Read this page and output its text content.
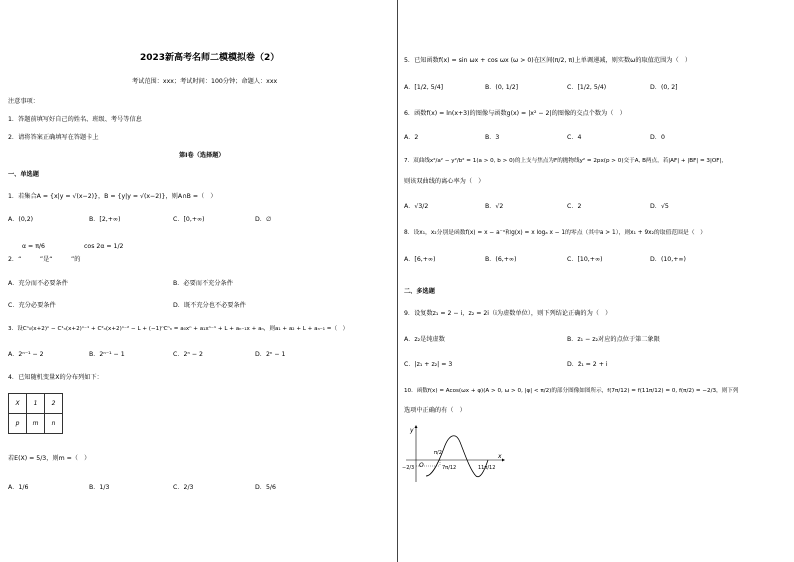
2023新高考名师二模模拟卷（2）
考试范围：xxx；考试时间：100分钟；命题人：xxx
注意事项：
1．答题前填写好自己的姓名、班级、考号等信息
2．请将答案正确填写在答题卡上
第I卷（选择题）
一、单选题
1．若集合A = {x|y = √(x−2)}，B = {y|y = √(x−2)}，则A∩B =（　）
A．(0,2)	B．[2,+∞)	C．[0,+∞)	D．∅
α = π/6	cos 2α = 1/2
2．“　　　”是“　　　”的
A．充分而不必要条件	B．必要而不充分条件
C．充分必要条件	D．既不充分也不必要条件
3．设Cⁿ₀(x+2)ⁿ − C¹ₙ(x+2)ⁿ⁻¹ + C²ₙ(x+2)ⁿ⁻² − L + (−1)ⁿCⁿₙ = a₀xⁿ + a₁xⁿ⁻¹ + L + aₙ₋₁x + aₙ，则a₁ + a₂ + L + aₙ₋₁ =（　）
A．2ⁿ⁻¹ − 2	B．2ⁿ⁻¹ − 1	C．2ⁿ − 2	D．2ⁿ − 1
4．已知随机变量X的分布列如下：
X	1	2
p	m	n
若E(X) = 5/3，则m =（　）
A．1/6	B．1/3	C．2/3	D．5/6
5．已知函数f(x) = sin ωx + cos ωx (ω > 0)在区间(π/2, π)上单调递减，则实数ω的取值范围为（　）
A．[1/2, 5/4]	B．(0, 1/2]	C．[1/2, 5/4)	D．(0, 2]
6．函数f(x) = ln(x+3)的图像与函数g(x) = |x² − 2|的图像的交点个数为（　）
A．2	B．3	C．4	D．0
7．双曲线x²/a² − y²/b² = 1(a > 0, b > 0)的上支与焦点为F的抛物线y² = 2px(p > 0)交于A, B两点，若|AF| + |BF| = 3|OF|，
则该双曲线的离心率为（　）
A．√3/2	B．√2	C．2	D．√5
8．设x₁，x₂分别是函数f(x) = x − a⁻ˣ和g(x) = x logₐ x − 1的零点（其中a > 1），则x₁ + 9x₂的取值范围是（　）
A．[6,+∞)	B．(6,+∞)	C．[10,+∞)	D．(10,+∞)
二、多选题
9．设复数z₁ = 2 − i，z₂ = 2i（i为虚数单位），则下列结论正确的为（　）
A．z₂是纯虚数	B．z₁ − z₂对应的点位于第二象限
C．|z₁ + z₂| = 3	D．z̄₁ = 2 + i
10．函数f(x) = Acos(ωx + φ)(A > 0, ω > 0, |φ| < π/2)的部分图像如图所示，f(7π/12) = f(11π/12) = 0, f(π/2) = −2/3，则下列
选项中正确的有（　）
y
x
O
π/2
7π/12	11π/12
−2/3
